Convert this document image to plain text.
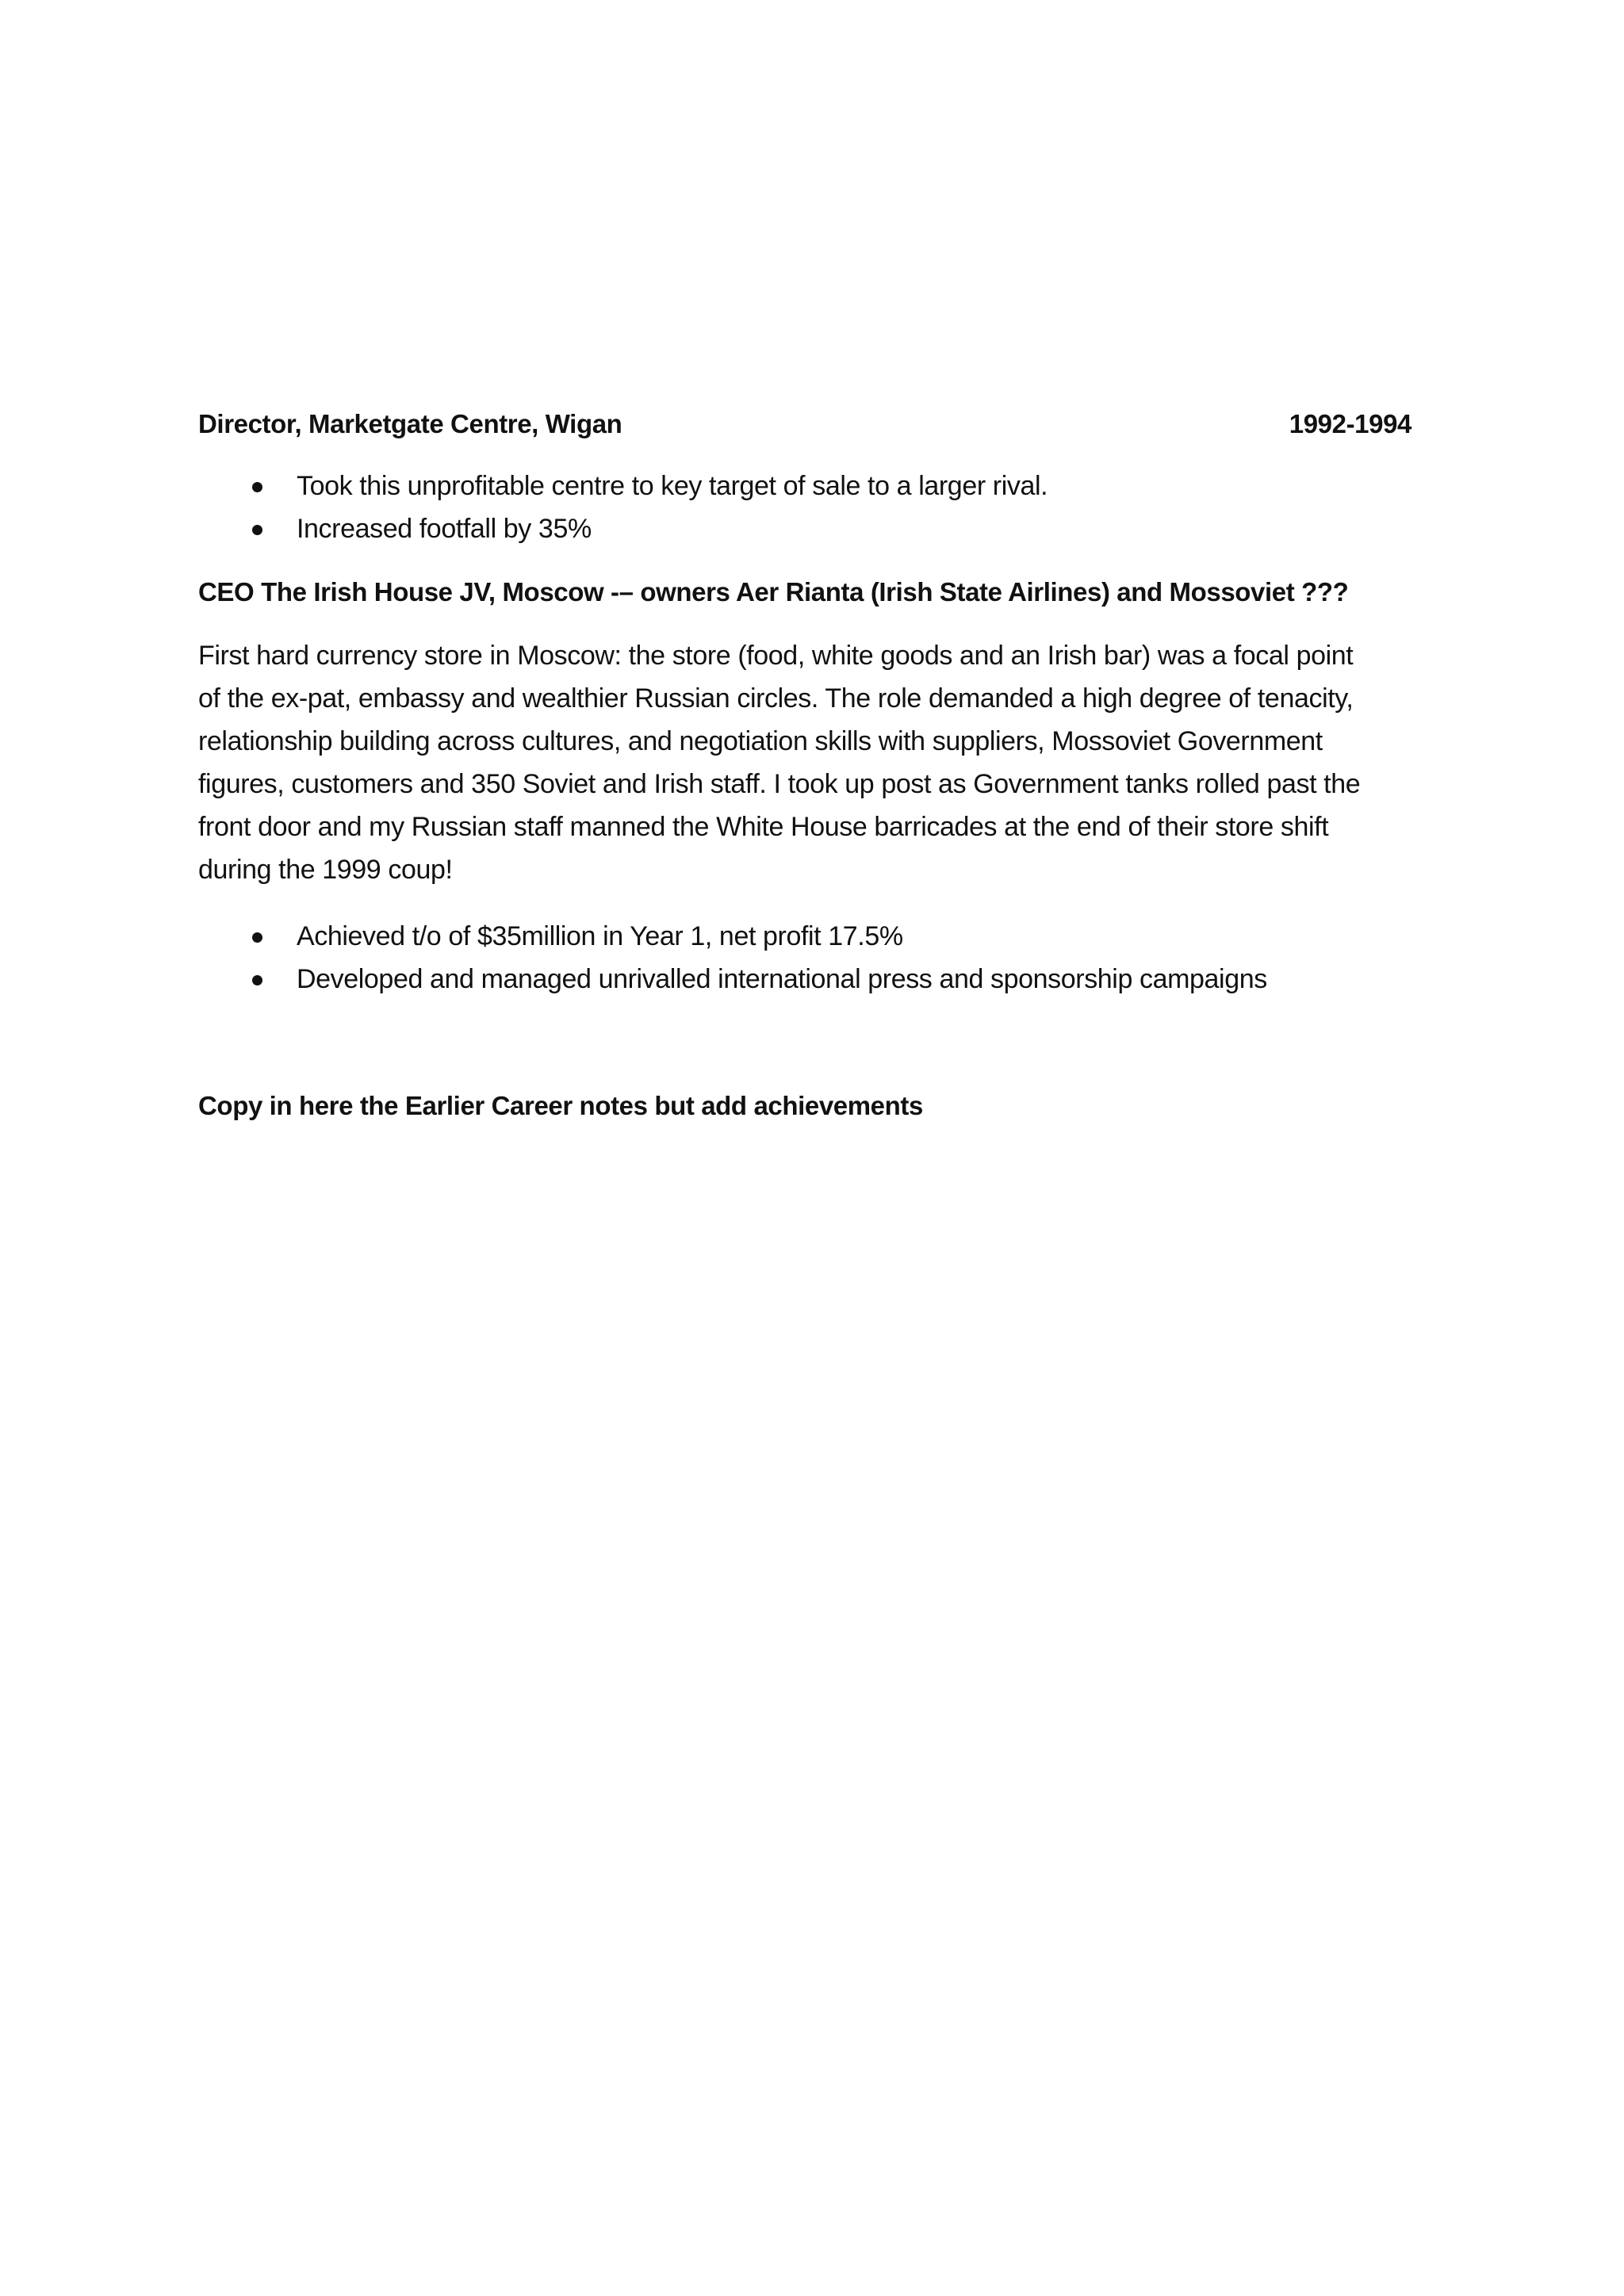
Director, Marketgate Centre, Wigan	1992-1994
Took this unprofitable centre to key target of sale to a larger rival.
Increased footfall by 35%
CEO The Irish House JV, Moscow -– owners Aer Rianta (Irish State Airlines) and Mossoviet ???
First hard currency store in Moscow: the store (food, white goods and an Irish bar) was a focal point
of the ex-pat, embassy and wealthier Russian circles. The role demanded a high degree of tenacity,
relationship building across cultures, and negotiation skills with suppliers, Mossoviet Government
figures, customers and 350 Soviet and Irish staff. I took up post as Government tanks rolled past the
front door and my Russian staff manned the White House barricades at the end of their store shift
during the 1999 coup!
Achieved t/o of $35million in Year 1, net profit 17.5%
Developed and managed unrivalled international press and sponsorship campaigns
Copy in here the Earlier Career notes but add achievements
